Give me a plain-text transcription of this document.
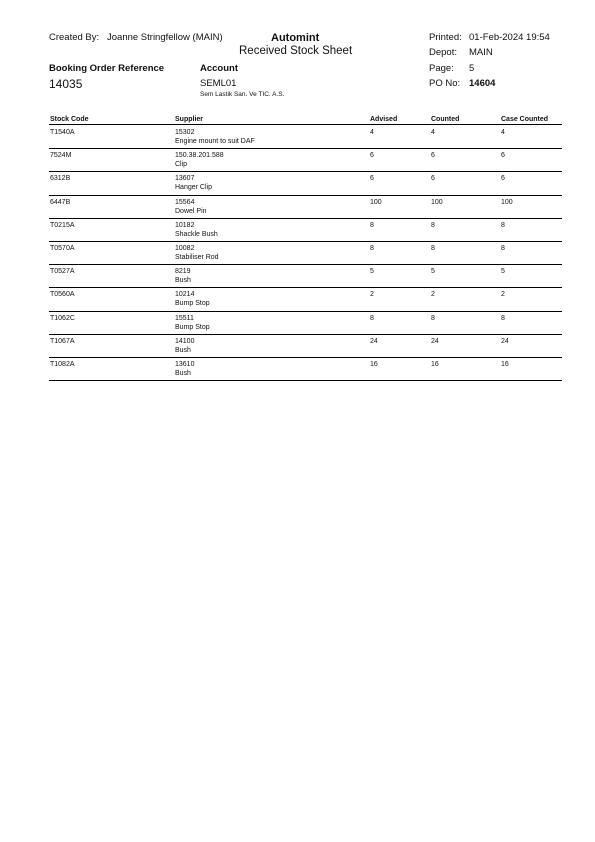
Created By: Joanne Stringfellow (MAIN)	Automint
Received Stock Sheet
Printed: 01-Feb-2024 19:54
Depot: MAIN
Page: 5
PO No: 14604
Booking Order Reference
14035
Account
SEML01
Sem Lastik San. Ve TIC. A.S.
Stock Code	Supplier	Advised	Counted	Case Counted
T1540A	15302
Engine mount to suit DAF
4	4	4
7524M	150.38.201.588
Clip
6	6	6
6312B	13607
Hanger Clip
6	6	6
6447B	15564
Dowel Pin
100	100	100
T0215A	10182
Shackle Bush
8	8	8
T0570A	10082
Stabiliser Rod
8	8	8
T0527A	8219
Bush
5	5	5
T0560A	10214
Bump Stop
2	2	2
T1062C	15511
Bump Stop
8	8	8
T1067A	14100
Bush
24	24	24
T1082A	13610
Bush
16	16	16
